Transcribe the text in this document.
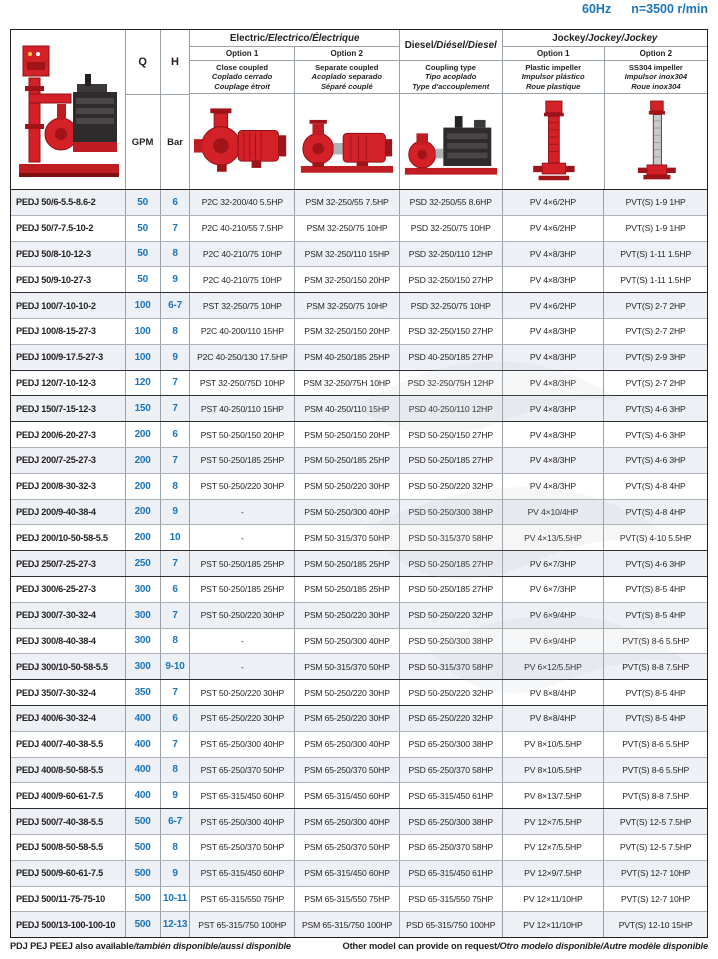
60Hz n=3500 r/min
Q
GPM
H
Bar
Electric /Electrico/Électrique
Option 1
Close coupled
Coplado cerrado
Couplage étroit
Option 2
Separate coupled
Acoplado separado
Séparé couplé
Diesel /Diésel/Diesel
Coupling type
Tipo acoplado
Type d'accouplement
Jockey /Jockey/Jockey
Option 1
Plastic impeller
Impulsor plástico
Roue plastique
Option 2
SS304 impeller
Impulsor inox304
Roue inox304
PEDJ 50/6-5.5-8.6-2	50	6	P2C 32-200/40 5.5HP	PSM 32-250/55 7.5HP	PSD 32-250/55 8.6HP	PV 4×6/2HP	PVT(S) 1-9 1HP
PEDJ 50/7-7.5-10-2	50	7	P2C 40-210/55 7.5HP	PSM 32-250/75 10HP	PSD 32-250/75 10HP	PV 4×6/2HP	PVT(S) 1-9 1HP
PEDJ 50/8-10-12-3	50	8	P2C 40-210/75 10HP	PSM 32-250/110 15HP	PSD 32-250/110 12HP	PV 4×8/3HP	PVT(S) 1-11 1.5HP
PEDJ 50/9-10-27-3	50	9	P2C 40-210/75 10HP	PSM 32-250/150 20HP	PSD 32-250/150 27HP	PV 4×8/3HP	PVT(S) 1-11 1.5HP
PEDJ 100/7-10-10-2	100	6-7	PST 32-250/75 10HP	PSM 32-250/75 10HP	PSD 32-250/75 10HP	PV 4×6/2HP	PVT(S) 2-7 2HP
PEDJ 100/8-15-27-3	100	8	P2C 40-200/110 15HP	PSM 32-250/150 20HP	PSD 32-250/150 27HP	PV 4×8/3HP	PVT(S) 2-7 2HP
PEDJ 100/9-17.5-27-3	100	9	P2C 40-250/130 17.5HP	PSM 40-250/185 25HP	PSD 40-250/185 27HP	PV 4×8/3HP	PVT(S) 2-9 3HP
PEDJ 120/7-10-12-3	120	7	PST 32-250/75D 10HP	PSM 32-250/75H 10HP	PSD 32-250/75H 12HP	PV 4×8/3HP	PVT(S) 2-7 2HP
PEDJ 150/7-15-12-3	150	7	PST 40-250/110 15HP	PSM 40-250/110 15HP	PSD 40-250/110 12HP	PV 4×8/3HP	PVT(S) 4-6 3HP
PEDJ 200/6-20-27-3	200	6	PST 50-250/150 20HP	PSM 50-250/150 20HP	PSD 50-250/150 27HP	PV 4×8/3HP	PVT(S) 4-6 3HP
PEDJ 200/7-25-27-3	200	7	PST 50-250/185 25HP	PSM 50-250/185 25HP	PSD 50-250/185 27HP	PV 4×8/3HP	PVT(S) 4-6 3HP
PEDJ 200/8-30-32-3	200	8	PST 50-250/220 30HP	PSM 50-250/220 30HP	PSD 50-250/220 32HP	PV 4×8/3HP	PVT(S) 4-8 4HP
PEDJ 200/9-40-38-4	200	9	-	PSM 50-250/300 40HP	PSD 50-250/300 38HP	PV 4×10/4HP	PVT(S) 4-8 4HP
PEDJ 200/10-50-58-5.5	200	10	-	PSM 50-315/370 50HP	PSD 50-315/370 58HP	PV 4×13/5.5HP	PVT(S) 4-10 5.5HP
PEDJ 250/7-25-27-3	250	7	PST 50-250/185 25HP	PSM 50-250/185 25HP	PSD 50-250/185 27HP	PV 6×7/3HP	PVT(S) 4-6 3HP
PEDJ 300/6-25-27-3	300	6	PST 50-250/185 25HP	PSM 50-250/185 25HP	PSD 50-250/185 27HP	PV 6×7/3HP	PVT(S) 8-5 4HP
PEDJ 300/7-30-32-4	300	7	PST 50-250/220 30HP	PSM 50-250/220 30HP	PSD 50-250/220 32HP	PV 6×9/4HP	PVT(S) 8-5 4HP
PEDJ 300/8-40-38-4	300	8	-	PSM 50-250/300 40HP	PSD 50-250/300 38HP	PV 6×9/4HP	PVT(S) 8-6 5.5HP
PEDJ 300/10-50-58-5.5	300	9-10	-	PSM 50-315/370 50HP	PSD 50-315/370 58HP	PV 6×12/5.5HP	PVT(S) 8-8 7.5HP
PEDJ 350/7-30-32-4	350	7	PST 50-250/220 30HP	PSM 50-250/220 30HP	PSD 50-250/220 32HP	PV 8×8/4HP	PVT(S) 8-5 4HP
PEDJ 400/6-30-32-4	400	6	PST 65-250/220 30HP	PSM 65-250/220 30HP	PSD 65-250/220 32HP	PV 8×8/4HP	PVT(S) 8-5 4HP
PEDJ 400/7-40-38-5.5	400	7	PST 65-250/300 40HP	PSM 65-250/300 40HP	PSD 65-250/300 38HP	PV 8×10/5.5HP	PVT(S) 8-6 5.5HP
PEDJ 400/8-50-58-5.5	400	8	PST 65-250/370 50HP	PSM 65-250/370 50HP	PSD 65-250/370 58HP	PV 8×10/5.5HP	PVT(S) 8-6 5.5HP
PEDJ 400/9-60-61-7.5	400	9	PST 65-315/450 60HP	PSM 65-315/450 60HP	PSD 65-315/450 61HP	PV 8×13/7.5HP	PVT(S) 8-8 7.5HP
PEDJ 500/7-40-38-5.5	500	6-7	PST 65-250/300 40HP	PSM 65-250/300 40HP	PSD 65-250/300 38HP	PV 12×7/5.5HP	PVT(S) 12-5 7.5HP
PEDJ 500/8-50-58-5.5	500	8	PST 65-250/370 50HP	PSM 65-250/370 50HP	PSD 65-250/370 58HP	PV 12×7/5.5HP	PVT(S) 12-5 7.5HP
PEDJ 500/9-60-61-7.5	500	9	PST 65-315/450 60HP	PSM 65-315/450 60HP	PSD 65-315/450 61HP	PV 12×9/7.5HP	PVT(S) 12-7 10HP
PEDJ 500/11-75-75-10	500	10-11	PST 65-315/550 75HP	PSM 65-315/550 75HP	PSD 65-315/550 75HP	PV 12×11/10HP	PVT(S) 12-7 10HP
PEDJ 500/13-100-100-10	500	12-13	PST 65-315/750 100HP	PSM 65-315/750 100HP	PSD 65-315/750 100HP	PV 12×11/10HP	PVT(S) 12-10 15HP
PDJ PEJ PEEJ also available/también disponible/aussi disponible	Other model can provide on request/Otro modelo disponible/Autre modèle disponible
